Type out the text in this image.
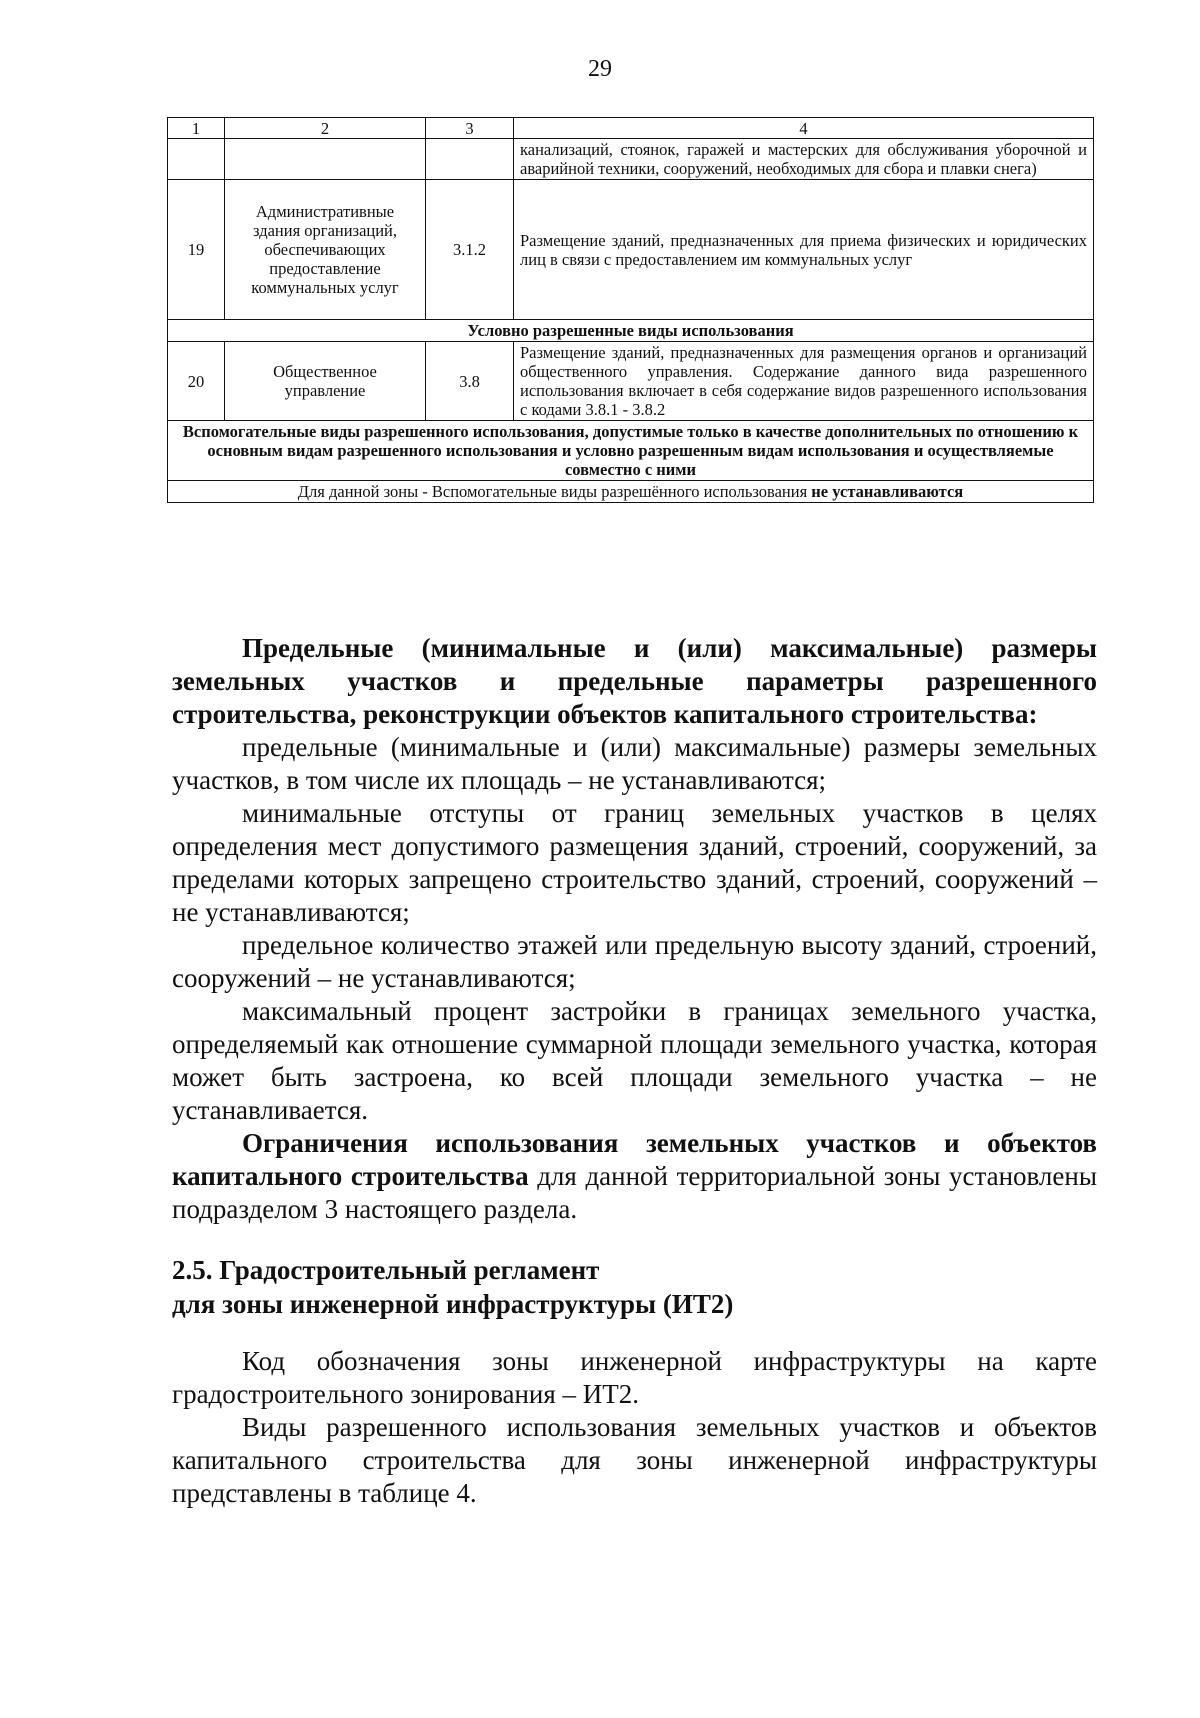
29
1	2	3	4
			канализаций, стоянок, гаражей и мастерских для обслуживания уборочной и аварийной техники, сооружений, необходимых для сбора и плавки снега)
19	Административные здания организаций, обеспечивающих предоставление коммунальных услуг	3.1.2	Размещение зданий, предназначенных для приема физических и юридических лиц в связи с предоставлением им коммунальных услуг
Условно разрешенные виды использования			
20	Общественное управление	3.8	Размещение зданий, предназначенных для размещения органов и организаций общественного управления. Содержание данного вида разрешенного использования включает в себя содержание видов разрешенного использования с кодами 3.8.1 - 3.8.2
Вспомогательные виды разрешенного использования, допустимые только в качестве дополнительных по отношению к основным видам разрешенного использования и условно разрешенным видам использования и осуществляемые совместно с ними			
Для данной зоны - Вспомогательные виды разрешённого использования не устанавливаются			

Предельные (минимальные и (или) максимальные) размеры земельных участков и предельные параметры разрешенного строительства, реконструкции объектов капитального строительства:

предельные (минимальные и (или) максимальные) размеры земельных участков, в том числе их площадь – не устанавливаются;

минимальные отступы от границ земельных участков в целях определения мест допустимого размещения зданий, строений, сооружений, за пределами которых запрещено строительство зданий, строений, сооружений – не устанавливаются;

предельное количество этажей или предельную высоту зданий, строений, сооружений – не устанавливаются;

максимальный процент застройки в границах земельного участка, определяемый как отношение суммарной площади земельного участка, которая может быть застроена, ко всей площади земельного участка – не устанавливается.

Ограничения использования земельных участков и объектов капитального строительства для данной территориальной зоны установлены подразделом 3 настоящего раздела.

2.5. Градостроительный регламент

для зоны инженерной инфраструктуры (ИТ2)

Код обозначения зоны инженерной инфраструктуры на карте градостроительного зонирования – ИТ2.

Виды разрешенного использования земельных участков и объектов капитального строительства для зоны инженерной инфраструктуры представлены в таблице 4.
